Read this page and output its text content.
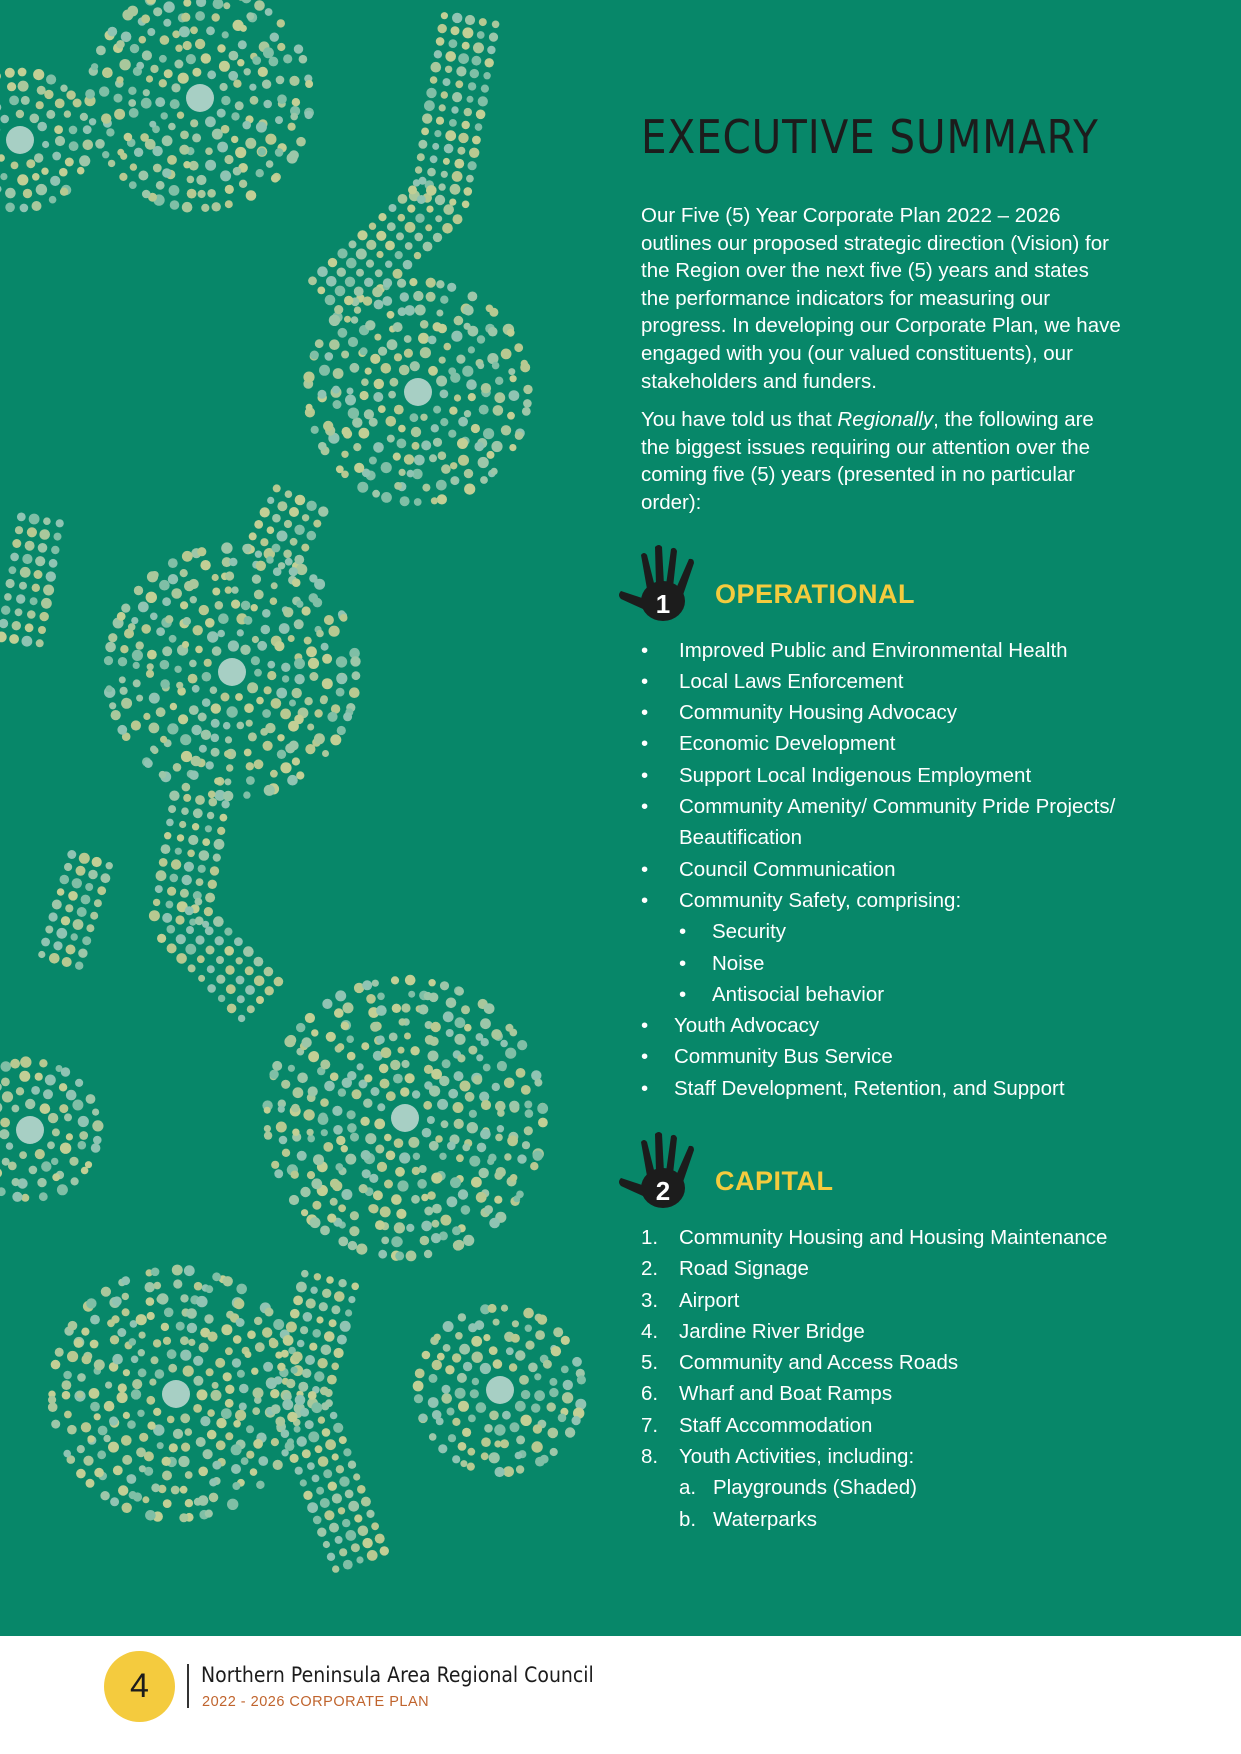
EXECUTIVE SUMMARY

Our Five (5) Year Corporate Plan 2022 – 2026 outlines our proposed strategic direction (Vision) for the Region over the next five (5) years and states the performance indicators for measuring our progress. In developing our Corporate Plan, we have engaged with you (our valued constituents), our stakeholders and funders.

You have told us that Regionally, the following are the biggest issues requiring our attention over the coming five (5) years (presented in no particular order):

1 OPERATIONAL
• Improved Public and Environmental Health
• Local Laws Enforcement
• Community Housing Advocacy
• Economic Development
• Support Local Indigenous Employment
• Community Amenity/ Community Pride Projects/ Beautification
• Council Communication
• Community Safety, comprising:
• Security
• Noise
• Antisocial behavior
• Youth Advocacy
• Community Bus Service
• Staff Development, Retention, and Support
2 CAPITAL
1. Community Housing and Housing Maintenance
2. Road Signage
3. Airport
4. Jardine River Bridge
5. Community and Access Roads
6. Wharf and Boat Ramps
7. Staff Accommodation
8. Youth Activities, including:
a. Playgrounds (Shaded)
b. Waterparks
4	Northern Peninsula Area Regional Council
2022 - 2026 CORPORATE PLAN
